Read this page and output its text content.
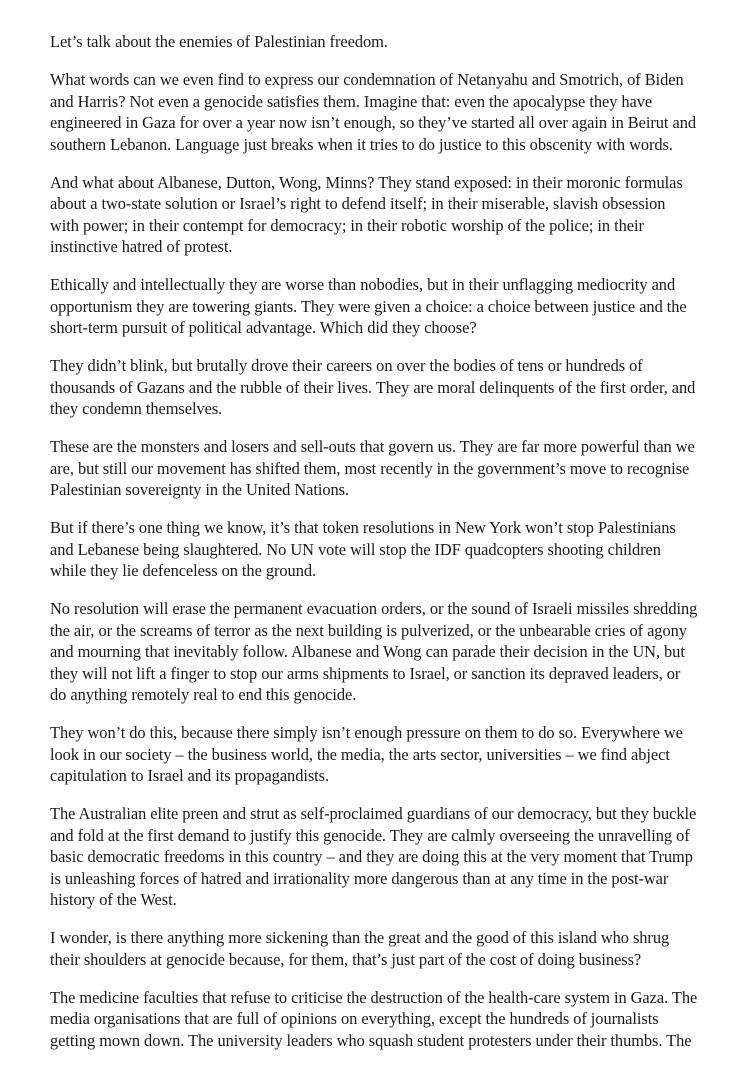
Let’s talk about the enemies of Palestinian freedom.

What words can we even find to express our condemnation of Netanyahu and Smotrich, of Biden and Harris? Not even a genocide satisfies them. Imagine that: even the apocalypse they have engineered in Gaza for over a year now isn’t enough, so they’ve started all over again in Beirut and southern Lebanon. Language just breaks when it tries to do justice to this obscenity with words.

And what about Albanese, Dutton, Wong, Minns? They stand exposed: in their moronic formulas about a two-state solution or Israel’s right to defend itself; in their miserable, slavish obsession with power; in their contempt for democracy; in their robotic worship of the police; in their instinctive hatred of protest.

Ethically and intellectually they are worse than nobodies, but in their unflagging mediocrity and opportunism they are towering giants. They were given a choice: a choice between justice and the short-term pursuit of political advantage. Which did they choose?

They didn’t blink, but brutally drove their careers on over the bodies of tens or hundreds of thousands of Gazans and the rubble of their lives. They are moral delinquents of the first order, and they condemn themselves.

These are the monsters and losers and sell-outs that govern us. They are far more powerful than we are, but still our movement has shifted them, most recently in the government’s move to recognise Palestinian sovereignty in the United Nations.

But if there’s one thing we know, it’s that token resolutions in New York won’t stop Palestinians and Lebanese being slaughtered. No UN vote will stop the IDF quadcopters shooting children while they lie defenceless on the ground.

No resolution will erase the permanent evacuation orders, or the sound of Israeli missiles shredding the air, or the screams of terror as the next building is pulverized, or the unbearable cries of agony and mourning that inevitably follow. Albanese and Wong can parade their decision in the UN, but they will not lift a finger to stop our arms shipments to Israel, or sanction its depraved leaders, or do anything remotely real to end this genocide.

They won’t do this, because there simply isn’t enough pressure on them to do so. Everywhere we look in our society – the business world, the media, the arts sector, universities – we find abject capitulation to Israel and its propagandists.

The Australian elite preen and strut as self-proclaimed guardians of our democracy, but they buckle and fold at the first demand to justify this genocide. They are calmly overseeing the unravelling of basic democratic freedoms in this country – and they are doing this at the very moment that Trump is unleashing forces of hatred and irrationality more dangerous than at any time in the post-war history of the West.

I wonder, is there anything more sickening than the great and the good of this island who shrug their shoulders at genocide because, for them, that’s just part of the cost of doing business?

The medicine faculties that refuse to criticise the destruction of the health-care system in Gaza. The media organisations that are full of opinions on everything, except the hundreds of journalists getting mown down. The university leaders who squash student protesters under their thumbs. The
